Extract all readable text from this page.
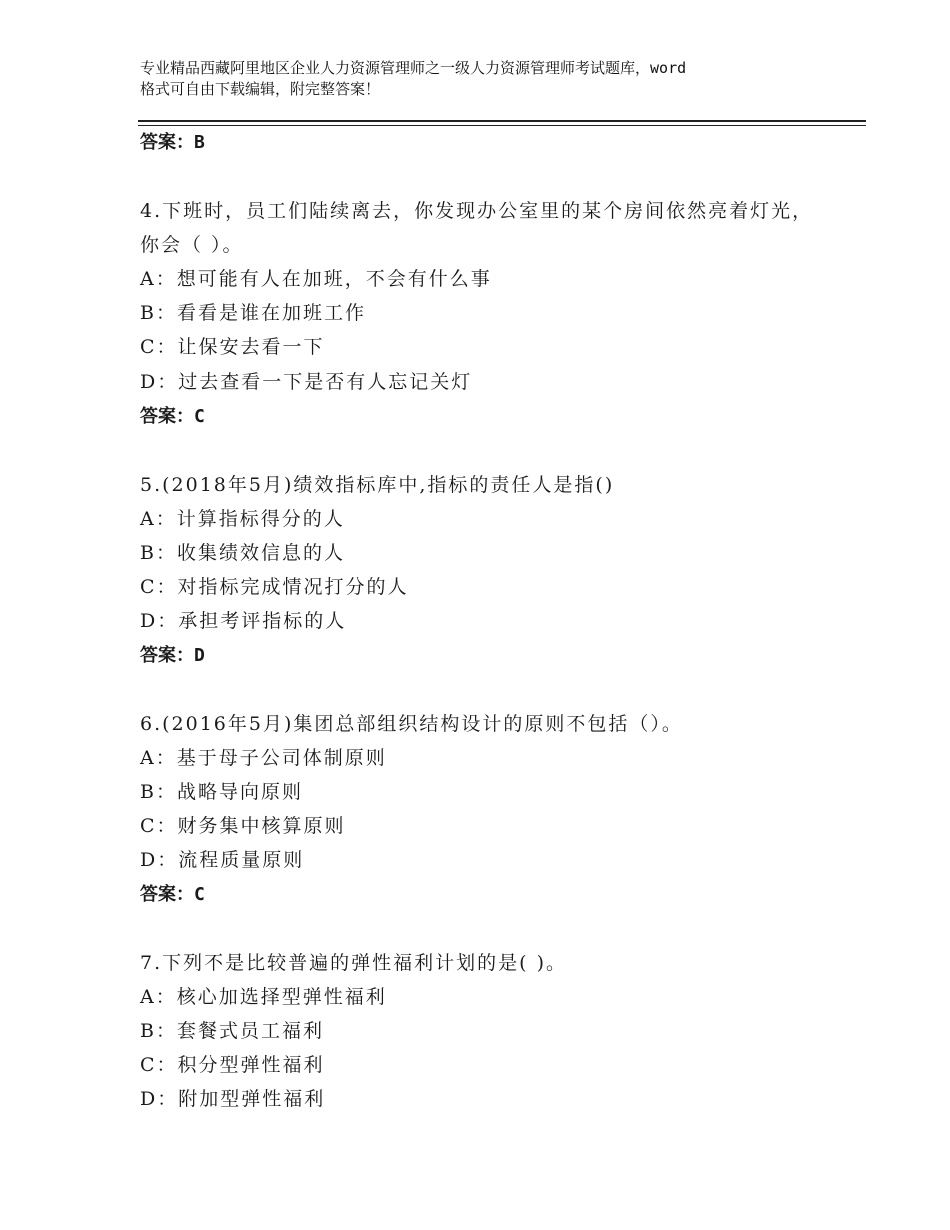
专业精品西藏阿里地区企业人力资源管理师之一级人力资源管理师考试题库，word
格式可自由下载编辑，附完整答案！
答案：B
4.下班时，员工们陆续离去，你发现办公室里的某个房间依然亮着灯光，你会（ ）。
A：想可能有人在加班，不会有什么事
B：看看是谁在加班工作
C：让保安去看一下
D：过去查看一下是否有人忘记关灯
答案：C
5.(2018年5月)绩效指标库中,指标的责任人是指()
A：计算指标得分的人
B：收集绩效信息的人
C：对指标完成情况打分的人
D：承担考评指标的人
答案：D
6.(2016年5月)集团总部组织结构设计的原则不包括（）。
A：基于母子公司体制原则
B：战略导向原则
C：财务集中核算原则
D：流程质量原则
答案：C
7.下列不是比较普遍的弹性福利计划的是( )。
A：核心加选择型弹性福利
B：套餐式员工福利
C：积分型弹性福利
D：附加型弹性福利
